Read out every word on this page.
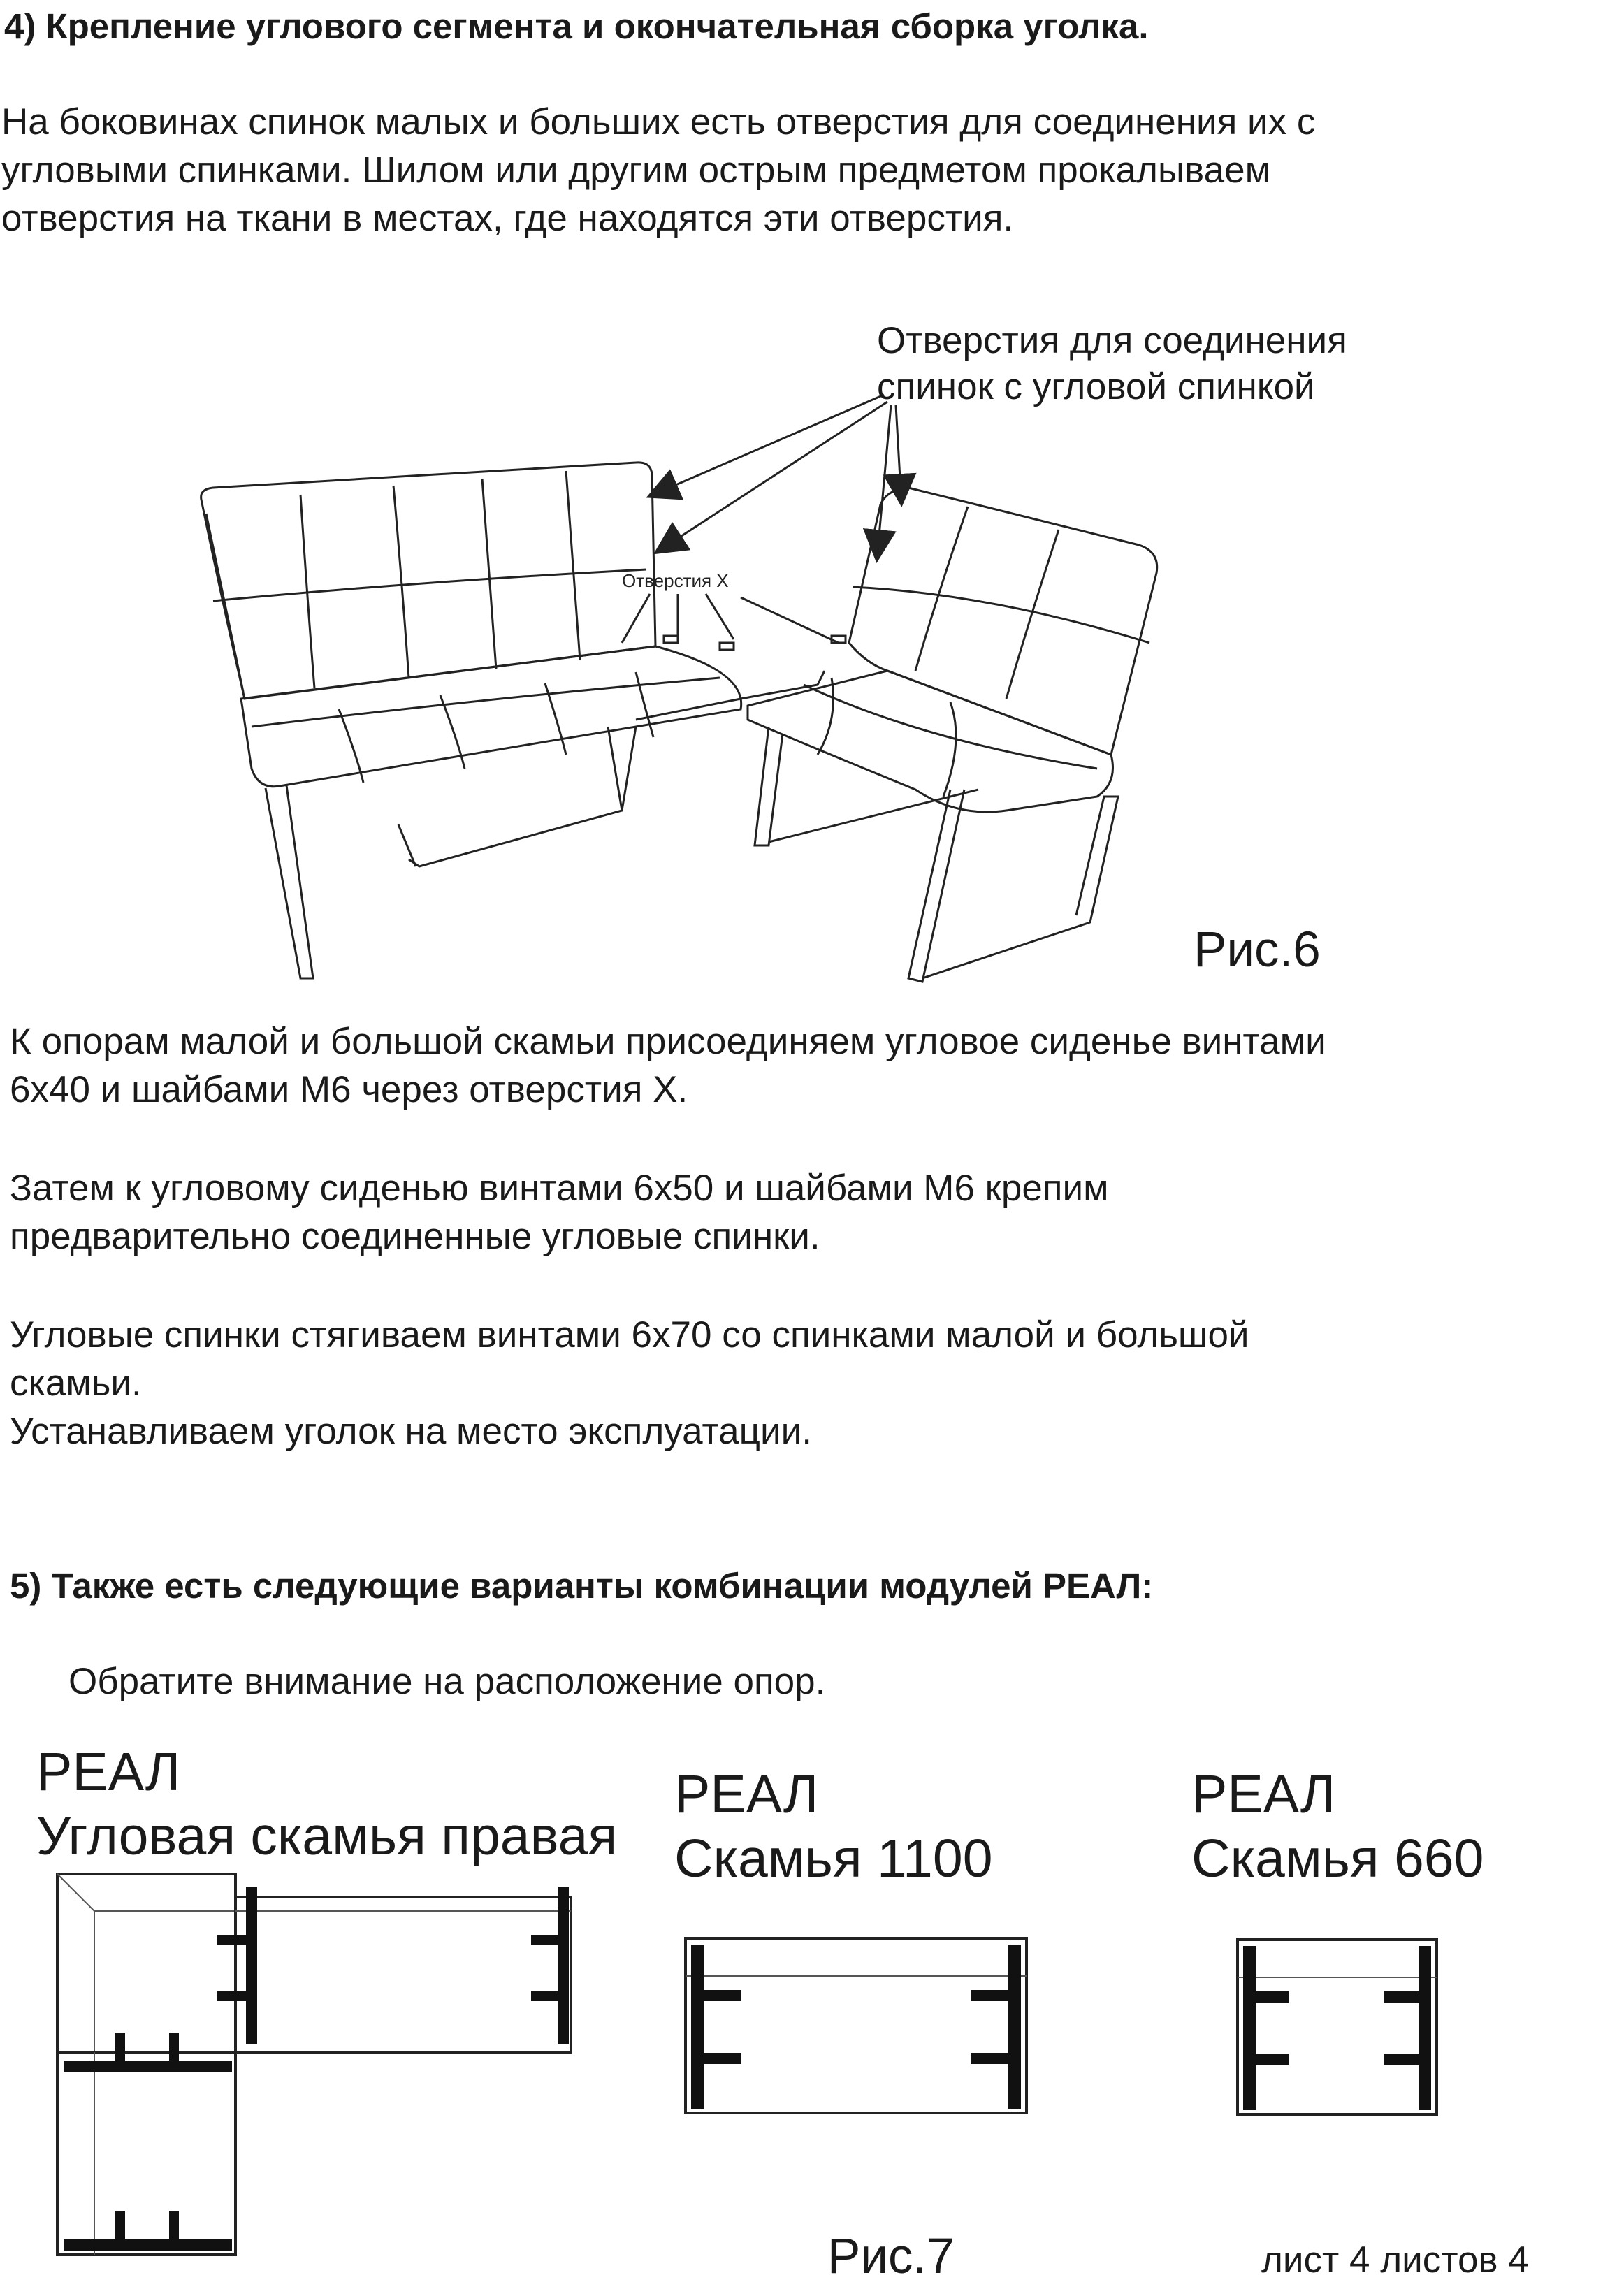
4) Крепление углового сегмента и окончательная сборка уголка.
На боковинах спинок малых и больших есть отверстия для соединения их с
угловыми спинками. Шилом или другим острым предметом прокалываем
отверстия на ткани в местах, где находятся эти отверстия.
Отверстия Х
Отверстия для соединения
спинок с угловой спинкой
Рис.6
К опорам малой и большой скамьи присоединяем угловое сиденье винтами
6х40 и шайбами М6 через отверстия Х.
Затем к угловому сиденью винтами 6х50 и шайбами М6 крепим
предварительно соединенные угловые спинки.
Угловые спинки стягиваем винтами 6х70 со спинками малой и большой
скамьи.
Устанавливаем уголок на место эксплуатации.
5) Также есть следующие варианты комбинации модулей РЕАЛ:
Обратите внимание на расположение опор.
РЕАЛ
Угловая скамья правая
РЕАЛ
Скамья 1100
РЕАЛ
Скамья 660
Рис.7	лист 4 листов 4
